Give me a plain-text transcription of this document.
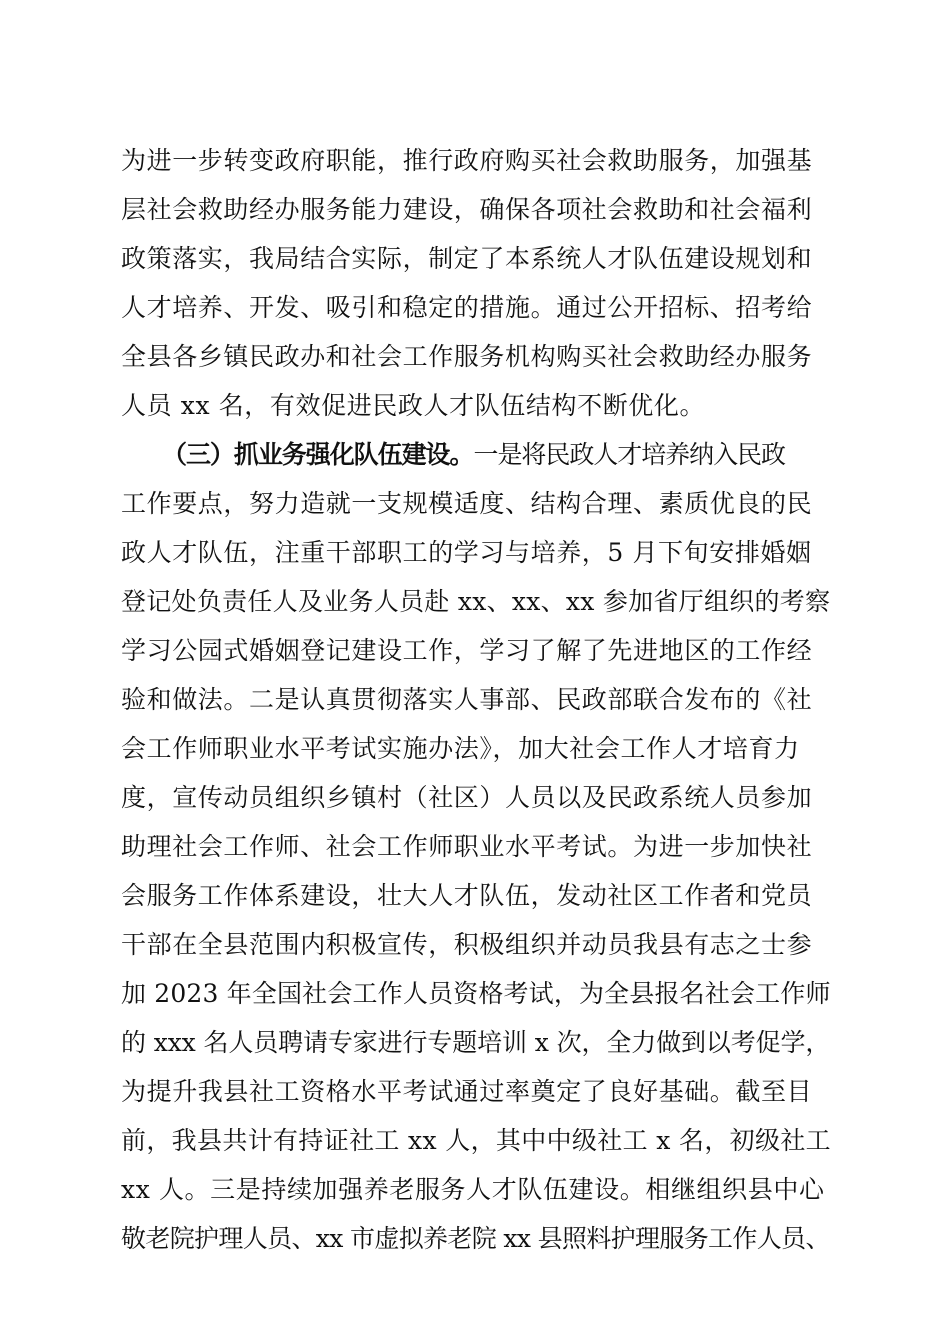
为进一步转变政府职能，推行政府购买社会救助服务，加强基
层社会救助经办服务能力建设，确保各项社会救助和社会福利
政策落实，我局结合实际，制定了本系统人才队伍建设规划和
人才培养、开发、吸引和稳定的措施。通过公开招标、招考给
全县各乡镇民政办和社会工作服务机构购买社会救助经办服务
人员 xx 名，有效促进民政人才队伍结构不断优化。
（三）抓业务强化队伍建设。一是将民政人才培养纳入民政
工作要点，努力造就一支规模适度、结构合理、素质优良的民
政人才队伍，注重干部职工的学习与培养，5 月下旬安排婚姻
登记处负责任人及业务人员赴 xx、xx、xx 参加省厅组织的考察
学习公园式婚姻登记建设工作，学习了解了先进地区的工作经
验和做法。二是认真贯彻落实人事部、民政部联合发布的《社
会工作师职业水平考试实施办法》，加大社会工作人才培育力
度，宣传动员组织乡镇村（社区）人员以及民政系统人员参加
助理社会工作师、社会工作师职业水平考试。为进一步加快社
会服务工作体系建设，壮大人才队伍，发动社区工作者和党员
干部在全县范围内积极宣传，积极组织并动员我县有志之士参
加 2023 年全国社会工作人员资格考试，为全县报名社会工作师
的 xxx 名人员聘请专家进行专题培训 x 次，全力做到以考促学，
为提升我县社工资格水平考试通过率奠定了良好基础。截至目
前，我县共计有持证社工 xx 人，其中中级社工 x 名，初级社工
xx 人。三是持续加强养老服务人才队伍建设。相继组织县中心
敬老院护理人员、xx 市虚拟养老院 xx 县照料护理服务工作人员、
